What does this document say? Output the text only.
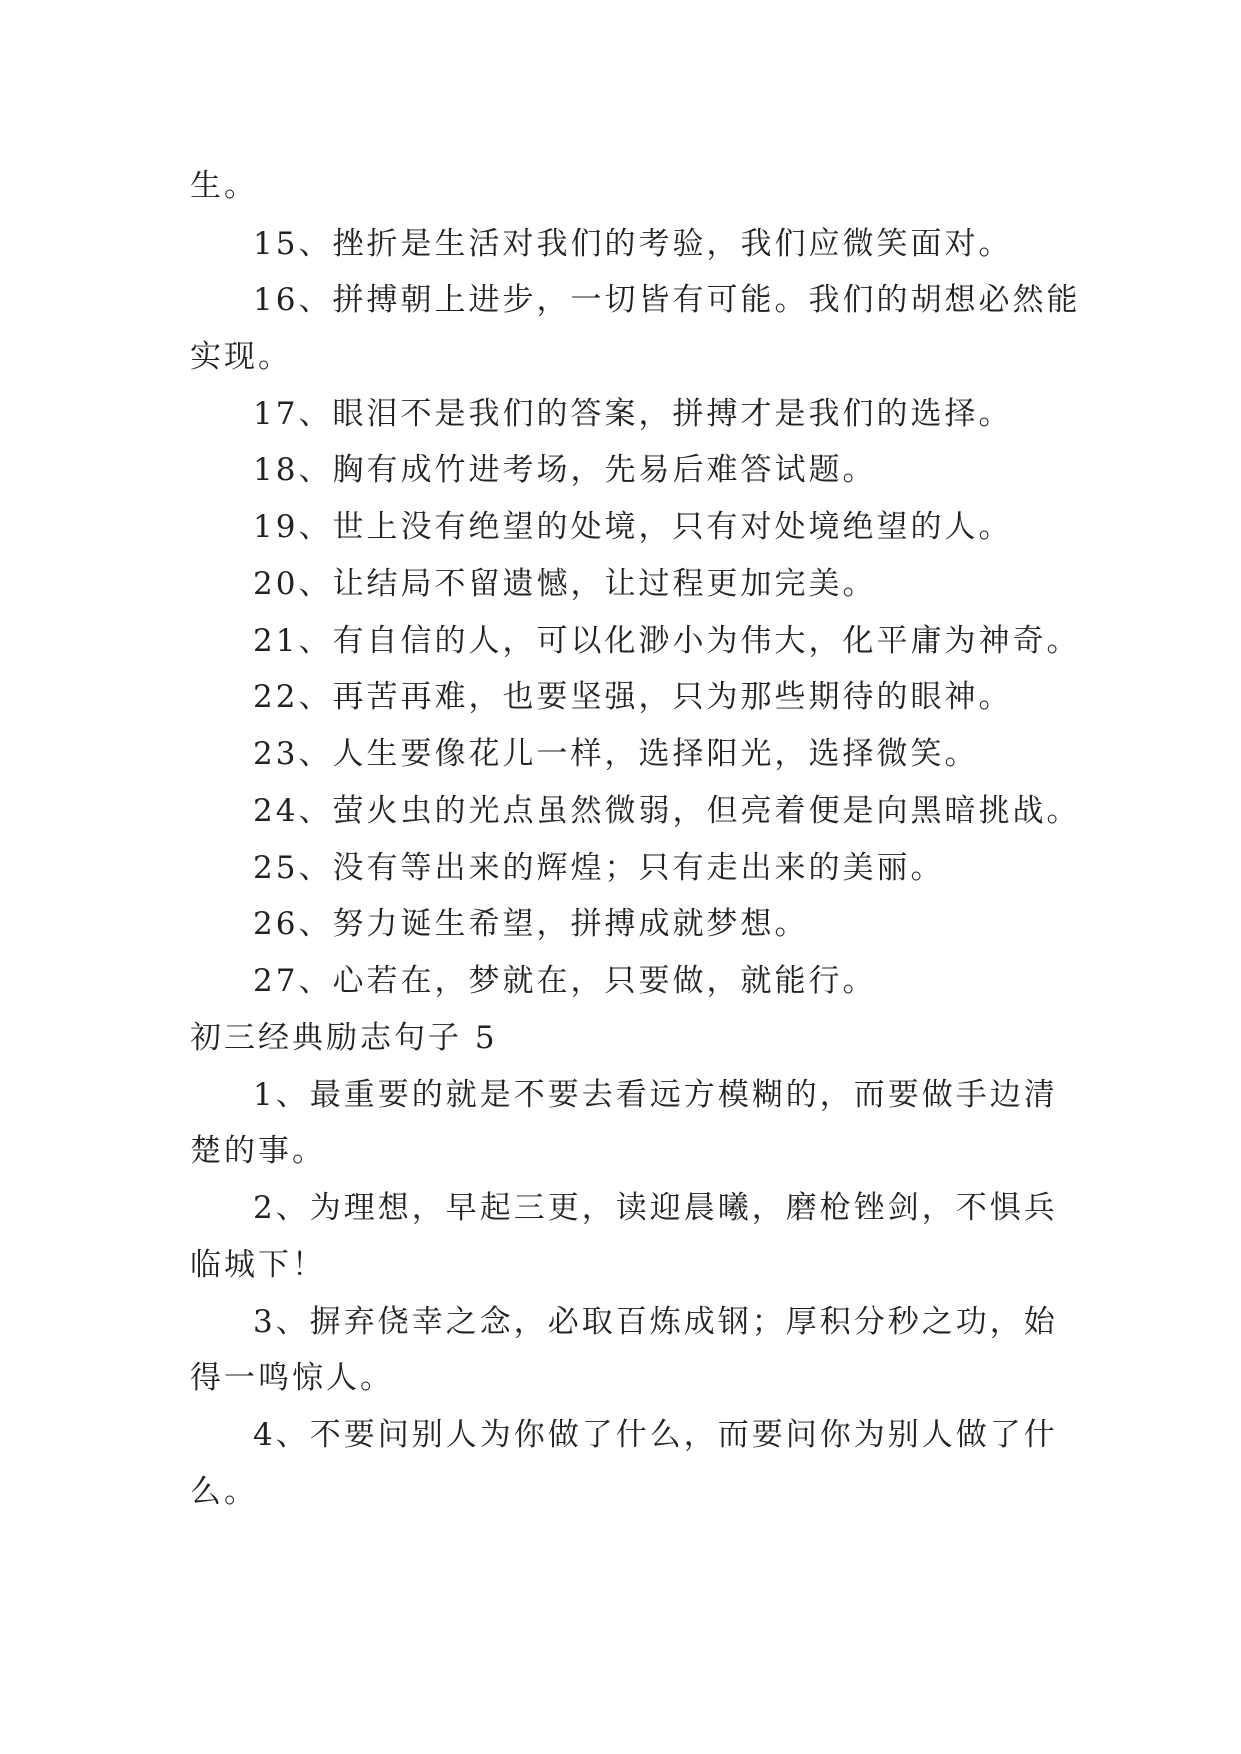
生。
15、挫折是生活对我们的考验，我们应微笑面对。
16、拼搏朝上进步，一切皆有可能。我们的胡想必然能
实现。
17、眼泪不是我们的答案，拼搏才是我们的选择。
18、胸有成竹进考场，先易后难答试题。
19、世上没有绝望的处境，只有对处境绝望的人。
20、让结局不留遗憾，让过程更加完美。
21、有自信的人，可以化渺小为伟大，化平庸为神奇。
22、再苦再难，也要坚强，只为那些期待的眼神。
23、人生要像花儿一样，选择阳光，选择微笑。
24、萤火虫的光点虽然微弱，但亮着便是向黑暗挑战。
25、没有等出来的辉煌；只有走出来的美丽。
26、努力诞生希望，拼搏成就梦想。
27、心若在，梦就在，只要做，就能行。
初三经典励志句子 5
1、最重要的就是不要去看远方模糊的，而要做手边清
楚的事。
2、为理想，早起三更，读迎晨曦，磨枪锉剑，不惧兵
临城下！
3、摒弃侥幸之念，必取百炼成钢；厚积分秒之功，始
得一鸣惊人。
4、不要问别人为你做了什么，而要问你为别人做了什
么。
